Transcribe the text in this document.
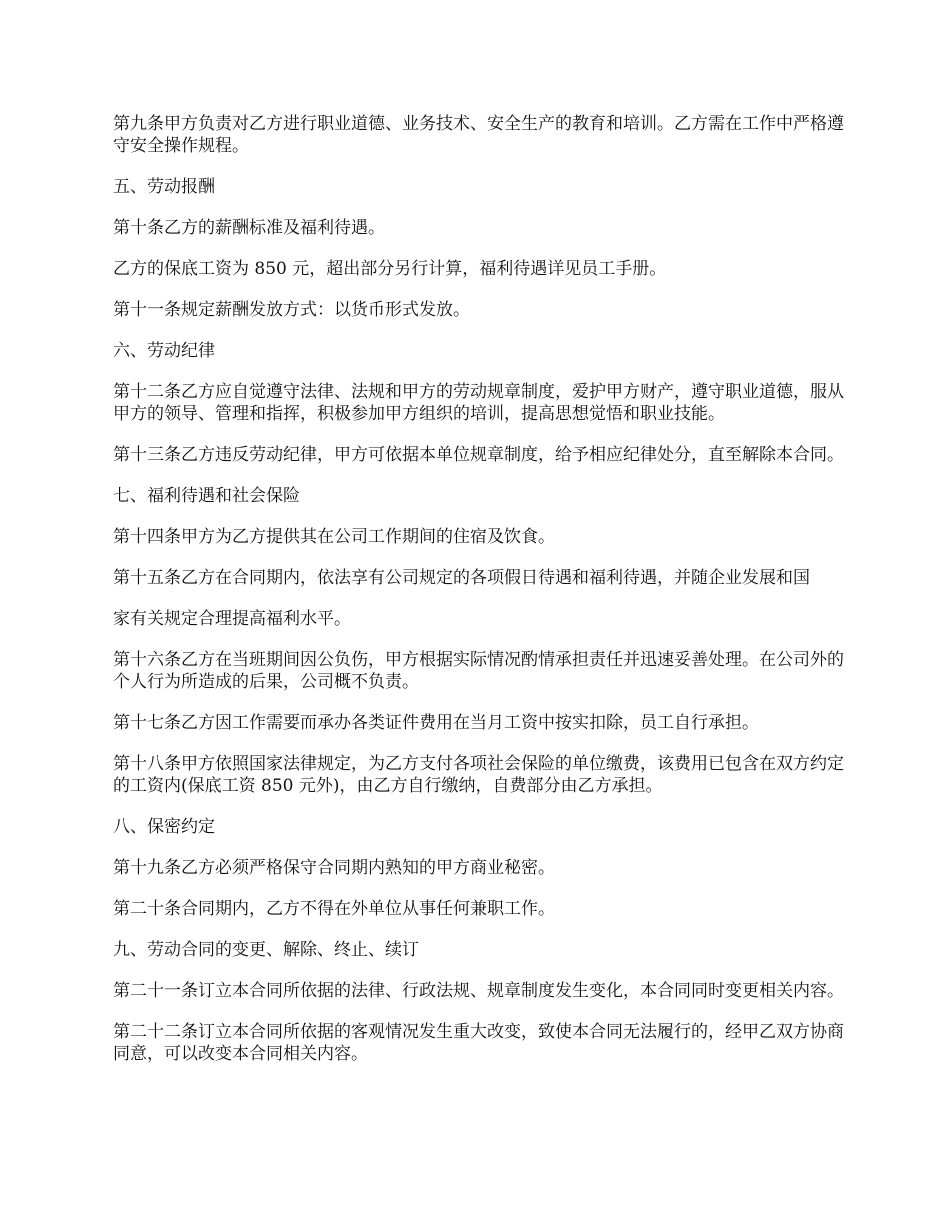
第九条甲方负责对乙方进行职业道德、业务技术、安全生产的教育和培训。乙方需在工作中严格遵守安全操作规程。

五、劳动报酬

第十条乙方的薪酬标准及福利待遇。

乙方的保底工资为 850 元，超出部分另行计算，福利待遇详见员工手册。

第十一条规定薪酬发放方式：以货币形式发放。

六、劳动纪律

第十二条乙方应自觉遵守法律、法规和甲方的劳动规章制度，爱护甲方财产，遵守职业道德，服从甲方的领导、管理和指挥，积极参加甲方组织的培训，提高思想觉悟和职业技能。

第十三条乙方违反劳动纪律，甲方可依据本单位规章制度，给予相应纪律处分，直至解除本合同。

七、福利待遇和社会保险

第十四条甲方为乙方提供其在公司工作期间的住宿及饮食。

第十五条乙方在合同期内，依法享有公司规定的各项假日待遇和福利待遇，并随企业发展和国

家有关规定合理提高福利水平。

第十六条乙方在当班期间因公负伤，甲方根据实际情况酌情承担责任并迅速妥善处理。在公司外的个人行为所造成的后果，公司概不负责。

第十七条乙方因工作需要而承办各类证件费用在当月工资中按实扣除，员工自行承担。

第十八条甲方依照国家法律规定，为乙方支付各项社会保险的单位缴费，该费用已包含在双方约定的工资内(保底工资 850 元外)，由乙方自行缴纳，自费部分由乙方承担。

八、保密约定

第十九条乙方必须严格保守合同期内熟知的甲方商业秘密。

第二十条合同期内，乙方不得在外单位从事任何兼职工作。

九、劳动合同的变更、解除、终止、续订

第二十一条订立本合同所依据的法律、行政法规、规章制度发生变化，本合同同时变更相关内容。

第二十二条订立本合同所依据的客观情况发生重大改变，致使本合同无法履行的，经甲乙双方协商同意，可以改变本合同相关内容。
